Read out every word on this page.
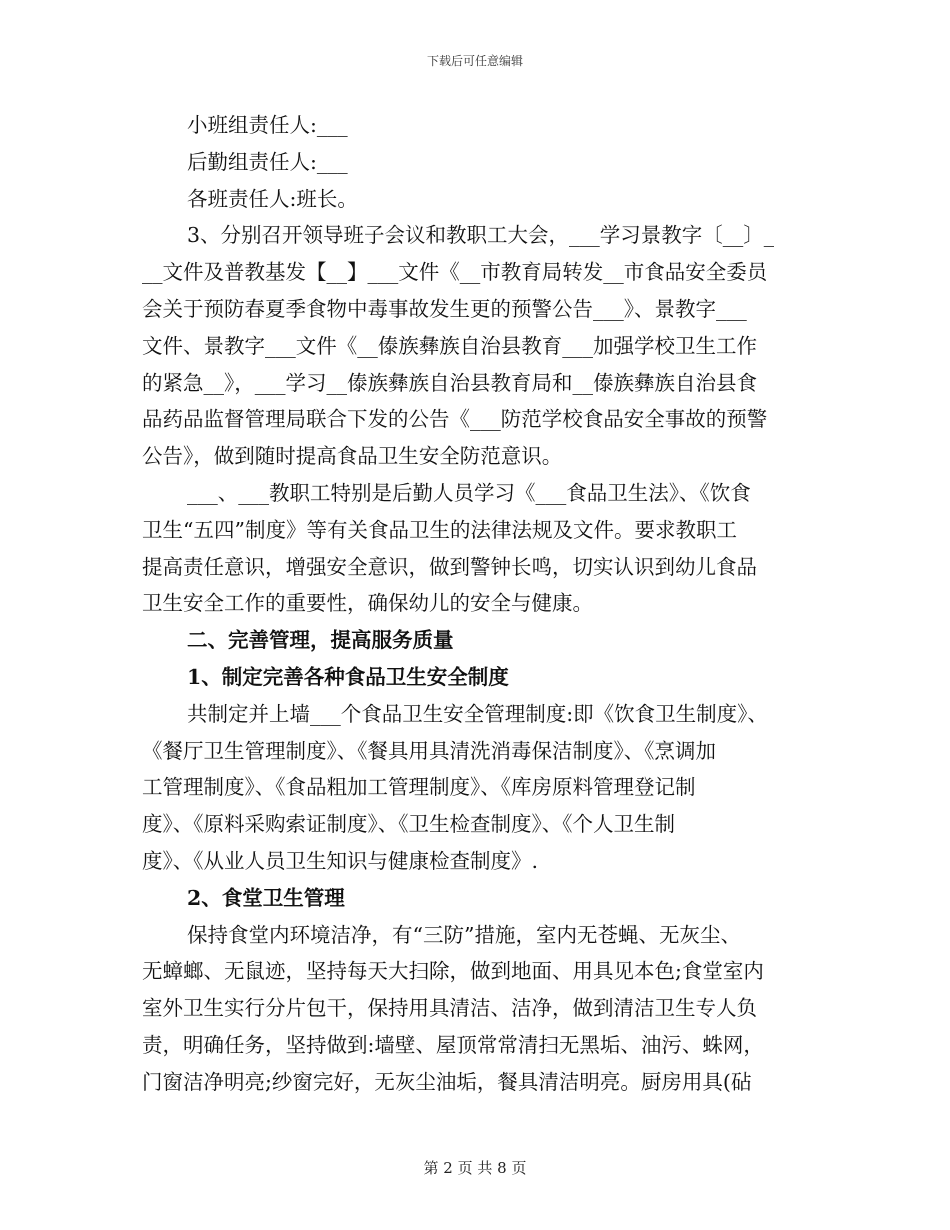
下载后可任意编辑
小班组责任人:___
后勤组责任人:___
各班责任人:班长。
3、分别召开领导班子会议和教职工大会，___学习景教字〔__〕_
__文件及普教基发【__】___文件《__市教育局转发__市食品安全委员
会关于预防春夏季食物中毒事故发生更的预警公告___》、景教字___
文件、景教字___文件《__傣族彝族自治县教育___加强学校卫生工作
的紧急__》，___学习__傣族彝族自治县教育局和__傣族彝族自治县食
品药品监督管理局联合下发的公告《___防范学校食品安全事故的预警
公告》，做到随时提高食品卫生安全防范意识。
___、___教职工特别是后勤人员学习《___食品卫生法》、《饮食
卫生“五四”制度》等有关食品卫生的法律法规及文件。要求教职工
提高责任意识，增强安全意识，做到警钟长鸣，切实认识到幼儿食品
卫生安全工作的重要性，确保幼儿的安全与健康。
二、完善管理，提高服务质量
1、制定完善各种食品卫生安全制度
共制定并上墙___个食品卫生安全管理制度:即《饮食卫生制度》、
《餐厅卫生管理制度》、《餐具用具清洗消毒保洁制度》、《烹调加
工管理制度》、《食品粗加工管理制度》、《库房原料管理登记制
度》、《原料采购索证制度》、《卫生检查制度》、《个人卫生制
度》、《从业人员卫生知识与健康检查制度》.
2、食堂卫生管理
保持食堂内环境洁净，有“三防”措施，室内无苍蝇、无灰尘、
无蟑螂、无鼠迹，坚持每天大扫除，做到地面、用具见本色;食堂室内
室外卫生实行分片包干，保持用具清洁、洁净，做到清洁卫生专人负
责，明确任务，坚持做到:墙壁、屋顶常常清扫无黑垢、油污、蛛网，
门窗洁净明亮;纱窗完好，无灰尘油垢，餐具清洁明亮。厨房用具(砧
第 2 页 共 8 页
